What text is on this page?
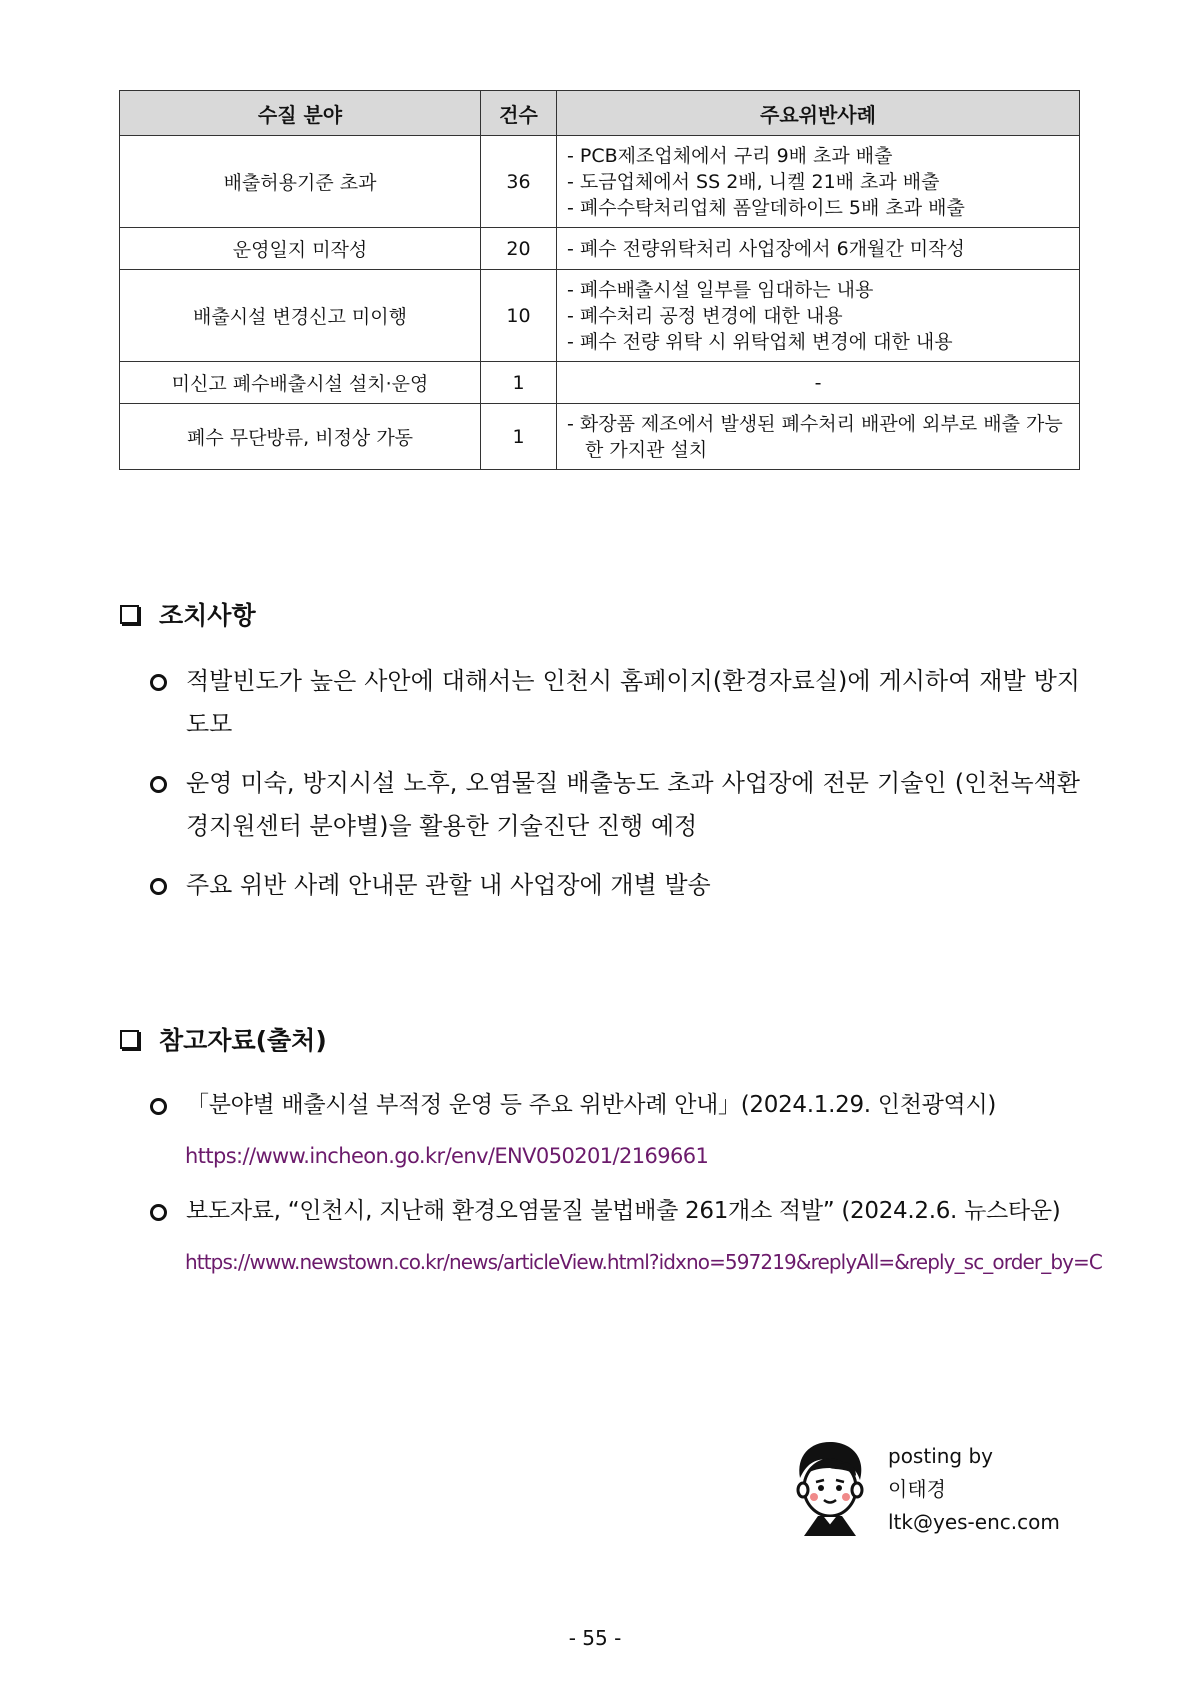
수질 분야	건수	주요위반사례
배출허용기준 초과	36	- PCB제조업체에서 구리 9배 초과 배출
- 도금업체에서 SS 2배, 니켈 21배 초과 배출
- 폐수수탁처리업체 폼알데하이드 5배 초과 배출

운영일지 미작성	20	- 폐수 전량위탁처리 사업장에서 6개월간 미작성

배출시설 변경신고 미이행	10	- 폐수배출시설 일부를 임대하는 내용
- 폐수처리 공정 변경에 대한 내용
- 폐수 전량 위탁 시 위탁업체 변경에 대한 내용

미신고 폐수배출시설 설치·운영	1	-
폐수 무단방류, 비정상 가동	1	- 화장품 제조에서 발생된 폐수처리 배관에 외부로 배출 가능한 가지관 설치
조치사항
적발빈도가 높은 사안에 대해서는 인천시 홈페이지(환경자료실)에 게시하여 재발 방지 도모
운영 미숙, 방지시설 노후, 오염물질 배출농도 초과 사업장에 전문 기술인 (인천녹색환경지원센터 분야별)을 활용한 기술진단 진행 예정
주요 위반 사례 안내문 관할 내 사업장에 개별 발송
참고자료(출처)
「분야별 배출시설 부적정 운영 등 주요 위반사례 안내」(2024.1.29. 인천광역시)
https://www.incheon.go.kr/env/ENV050201/2169661
보도자료, “인천시, 지난해 환경오염물질 불법배출 261개소 적발” (2024.2.6. 뉴스타운)
https://www.newstown.co.kr/news/articleView.html?idxno=597219&replyAll=&reply_sc_order_by=C
posting by
이태경
ltk@yes-enc.com
- 55 -
